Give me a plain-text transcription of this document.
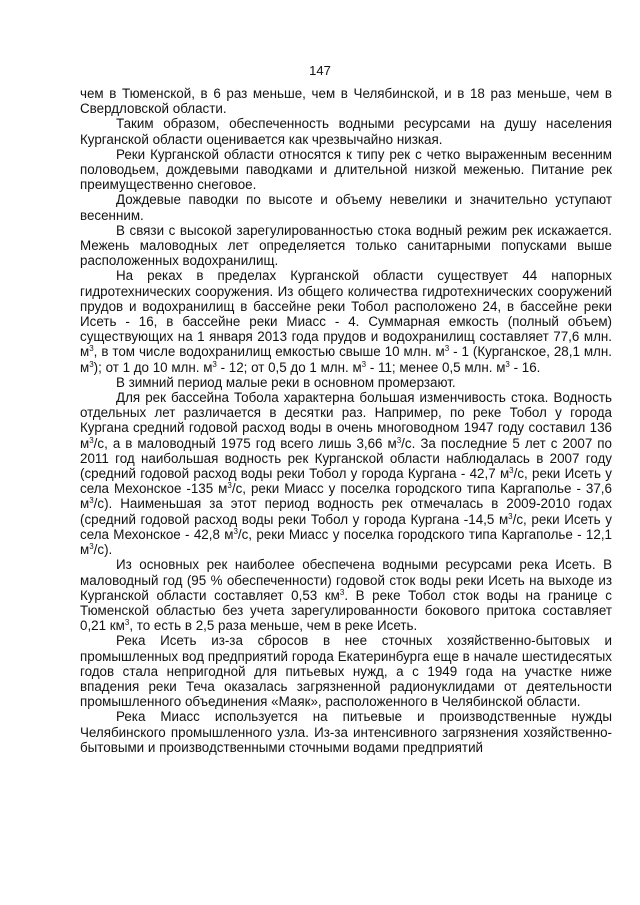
147

чем в Тюменской, в 6 раз меньше, чем в Челябинской, и в 18 раз меньше, чем в Свердловской области.

Таким образом, обеспеченность водными ресурсами на душу населения Курганской области оценивается как чрезвычайно низкая.

Реки Курганской области относятся к типу рек с четко выраженным весенним половодьем, дождевыми паводками и длительной низкой меженью. Питание рек преимущественно снеговое.

Дождевые паводки по высоте и объему невелики и значительно уступают весенним.

В связи с высокой зарегулированностью стока водный режим рек искажается. Межень маловодных лет определяется только санитарными попусками выше расположенных водохранилищ.

На реках в пределах Курганской области существует 44 напорных гидротехнических сооружения. Из общего количества гидротехнических сооружений прудов и водохранилищ в бассейне реки Тобол расположено 24, в бассейне реки Исеть - 16, в бассейне реки Миасс - 4. Суммарная емкость (полный объем) существующих на 1 января 2013 года прудов и водохранилищ составляет 77,6 млн. $м^3$, в том числе водохранилищ емкостью свыше 10 млн. $м^3 - 1$ (Курганское, 28,1 млн. $м^3$); от 1 до 10 млн. $м^3 - 12$; от 0,5 до 1 млн. $м^3 - 11$; менее 0,5 млн. $м^3 - 16$.

В зимний период малые реки в основном промерзают.

Для рек бассейна Тобола характерна большая изменчивость стока. Водность отдельных лет различается в десятки раз. Например, по реке Тобол у города Кургана средний годовой расход воды в очень многоводном 1947 году составил 136 $м^3/с$, а в маловодный 1975 год всего лишь 3,66 $м^3/с$. За последние 5 лет с 2007 по 2011 год наибольшая водность рек Курганской области наблюдалась в 2007 году (средний годовой расход воды реки Тобол у города Кургана - 42,7 $м^3/с$, реки Исеть у села Мехонское -135 $м^3/с$, реки Миасс у поселка городского типа Каргаполье - 37,6 $м^3/с$). Наименьшая за этот период водность рек отмечалась в 2009-2010 годах (средний годовой расход воды реки Тобол у города Кургана -14,5 $м^3/с$, реки Исеть у села Мехонское - 42,8 $м^3/с$, реки Миасс у поселка городского типа Каргаполье - 12,1 $м^3/с$).

Из основных рек наиболее обеспечена водными ресурсами река Исеть. В маловодный год (95 % обеспеченности) годовой сток воды реки Исеть на выходе из Курганской области составляет 0,53 $км^3$. В реке Тобол сток воды на границе с Тюменской областью без учета зарегулированности бокового притока составляет 0,21 $км^3$, то есть в 2,5 раза меньше, чем в реке Исеть.

Река Исеть из-за сбросов в нее сточных хозяйственно-бытовых и промышленных вод предприятий города Екатеринбурга еще в начале шестидесятых годов стала непригодной для питьевых нужд, а с 1949 года на участке ниже впадения реки Теча оказалась загрязненной радионуклидами от деятельности промышленного объединения «Маяк», расположенного в Челябинской области.

Река Миасс используется на питьевые и производственные нужды Челябинского промышленного узла. Из-за интенсивного загрязнения хозяйственно-бытовыми и производственными сточными водами предприятий
